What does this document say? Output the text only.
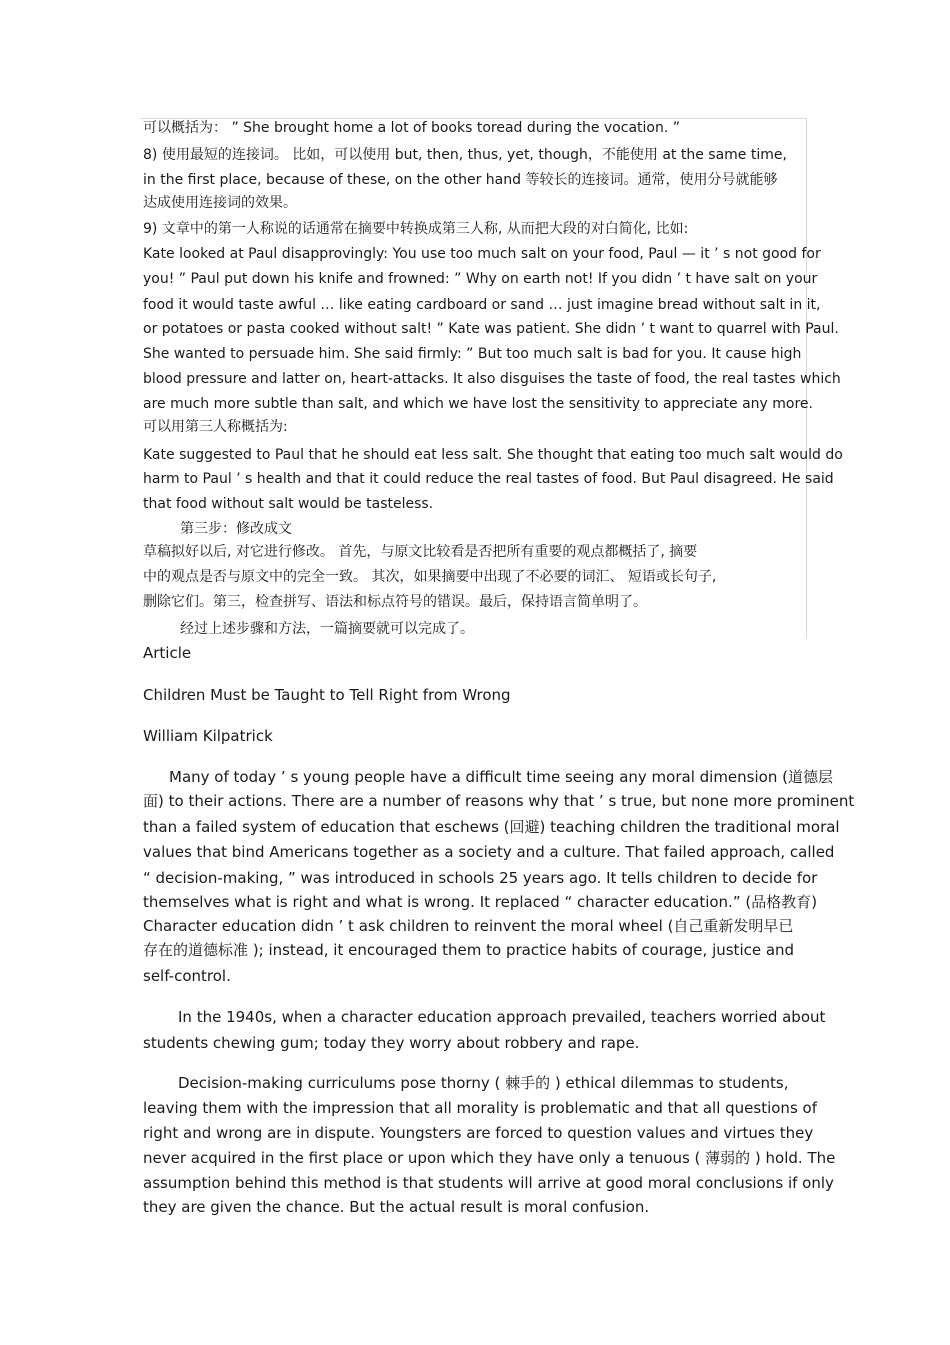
可以概括为： ” She brought home a lot of books toread during the vocation. ”

8) 使用最短的连接词。 比如，可以使用 but, then, thus, yet, though，不能使用 at the same time,

in the first place, because of these, on the other hand 等较长的连接词。通常，使用分号就能够

达成使用连接词的效果。

9) 文章中的第一人称说的话通常在摘要中转换成第三人称, 从而把大段的对白简化, 比如:

Kate looked at Paul disapprovingly: You use too much salt on your food, Paul — it ’ s not good for

you! ” Paul put down his knife and frowned: ” Why on earth not! If you didn ’ t have salt on your

food it would taste awful … like eating cardboard or sand … just imagine bread without salt in it,

or potatoes or pasta cooked without salt! ” Kate was patient. She didn ’ t want to quarrel with Paul.

She wanted to persuade him. She said firmly: ” But too much salt is bad for you. It cause high

blood pressure and latter on, heart-attacks. It also disguises the taste of food, the real tastes which

are much more subtle than salt, and which we have lost the sensitivity to appreciate any more.

可以用第三人称概括为:

Kate suggested to Paul that he should eat less salt. She thought that eating too much salt would do

harm to Paul ’ s health and that it could reduce the real tastes of food. But Paul disagreed. He said

that food without salt would be tasteless.

第三步：修改成文

草稿拟好以后, 对它进行修改。 首先，与原文比较看是否把所有重要的观点都概括了, 摘要

中的观点是否与原文中的完全一致。 其次，如果摘要中出现了不必要的词汇、 短语或长句子,

删除它们。第三，检查拼写、语法和标点符号的错误。最后，保持语言简单明了。

经过上述步骤和方法，一篇摘要就可以完成了。

Article

Children Must be Taught to Tell Right from Wrong

William Kilpatrick

Many of today ’ s young people have a difficult time seeing any moral dimension (道德层

面) to their actions. There are a number of reasons why that ’ s true, but none more prominent

than a failed system of education that eschews (回避) teaching children the traditional moral

values that bind Americans together as a society and a culture. That failed approach, called

“ decision-making, ” was introduced in schools 25 years ago. It tells children to decide for

themselves what is right and what is wrong. It replaced “ character education.” (品格教育)

Character education didn ’ t ask children to reinvent the moral wheel (自己重新发明早已

存在的道德标准 ); instead, it encouraged them to practice habits of courage, justice and

self-control.

In the 1940s, when a character education approach prevailed, teachers worried about

students chewing gum; today they worry about robbery and rape.

Decision-making curriculums pose thorny ( 棘手的 ) ethical dilemmas to students,

leaving them with the impression that all morality is problematic and that all questions of

right and wrong are in dispute. Youngsters are forced to question values and virtues they

never acquired in the first place or upon which they have only a tenuous ( 薄弱的 ) hold. The

assumption behind this method is that students will arrive at good moral conclusions if only

they are given the chance. But the actual result is moral confusion.
